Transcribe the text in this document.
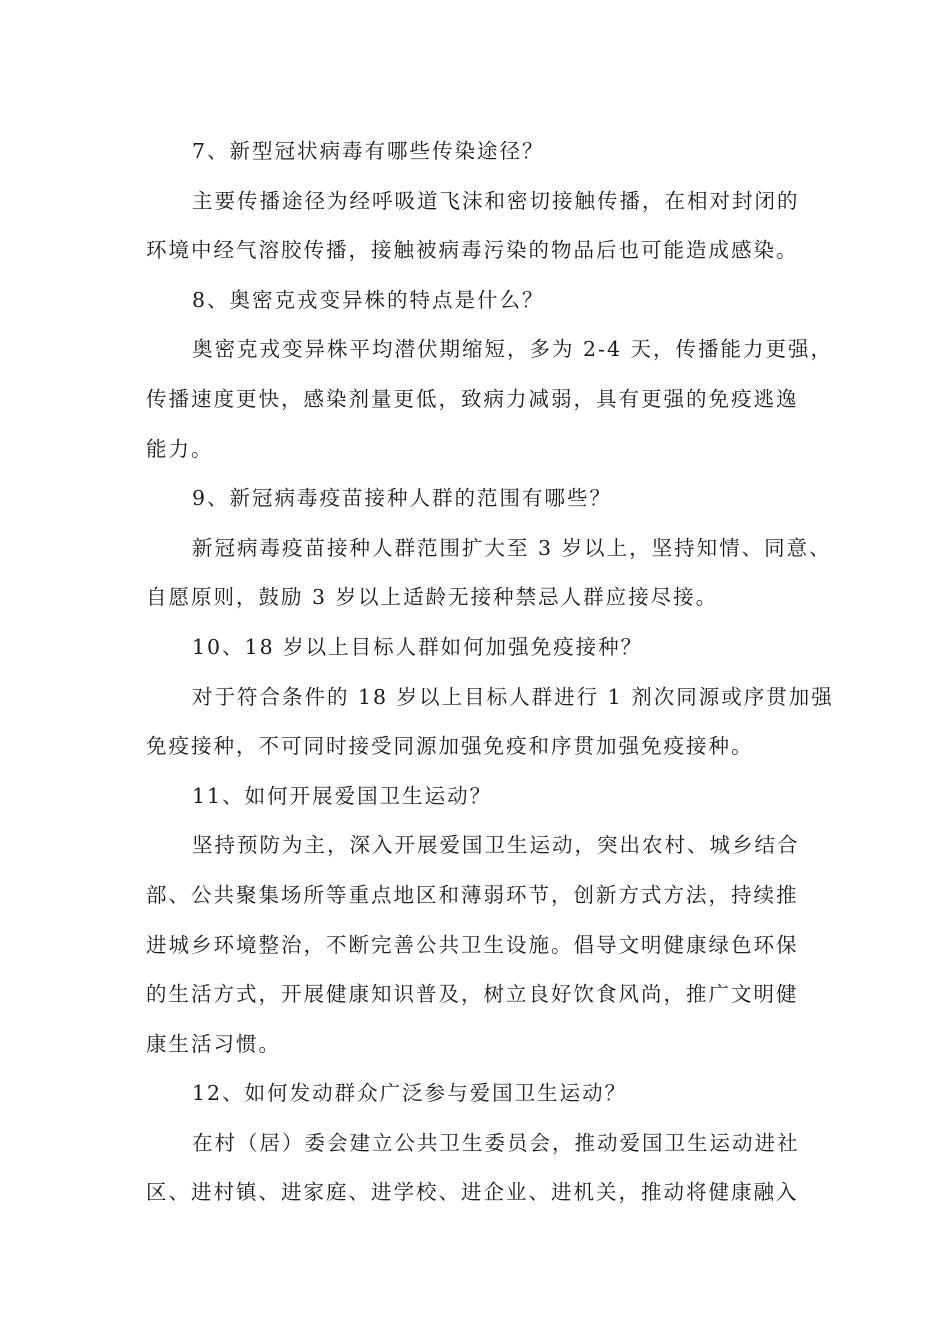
7、新型冠状病毒有哪些传染途径？

主要传播途径为经呼吸道飞沫和密切接触传播，在相对封闭的

环境中经气溶胶传播，接触被病毒污染的物品后也可能造成感染。

8、奥密克戎变异株的特点是什么？

奥密克戎变异株平均潜伏期缩短，多为 2-4 天，传播能力更强，

传播速度更快，感染剂量更低，致病力减弱，具有更强的免疫逃逸

能力。

9、新冠病毒疫苗接种人群的范围有哪些？

新冠病毒疫苗接种人群范围扩大至 3 岁以上，坚持知情、同意、

自愿原则，鼓励 3 岁以上适龄无接种禁忌人群应接尽接。

10、18 岁以上目标人群如何加强免疫接种？

对于符合条件的 18 岁以上目标人群进行 1 剂次同源或序贯加强

免疫接种，不可同时接受同源加强免疫和序贯加强免疫接种。

11、如何开展爱国卫生运动？

坚持预防为主，深入开展爱国卫生运动，突出农村、城乡结合

部、公共聚集场所等重点地区和薄弱环节，创新方式方法，持续推

进城乡环境整治，不断完善公共卫生设施。倡导文明健康绿色环保

的生活方式，开展健康知识普及，树立良好饮食风尚，推广文明健

康生活习惯。

12、如何发动群众广泛参与爱国卫生运动？

在村（居）委会建立公共卫生委员会，推动爱国卫生运动进社

区、进村镇、进家庭、进学校、进企业、进机关，推动将健康融入
